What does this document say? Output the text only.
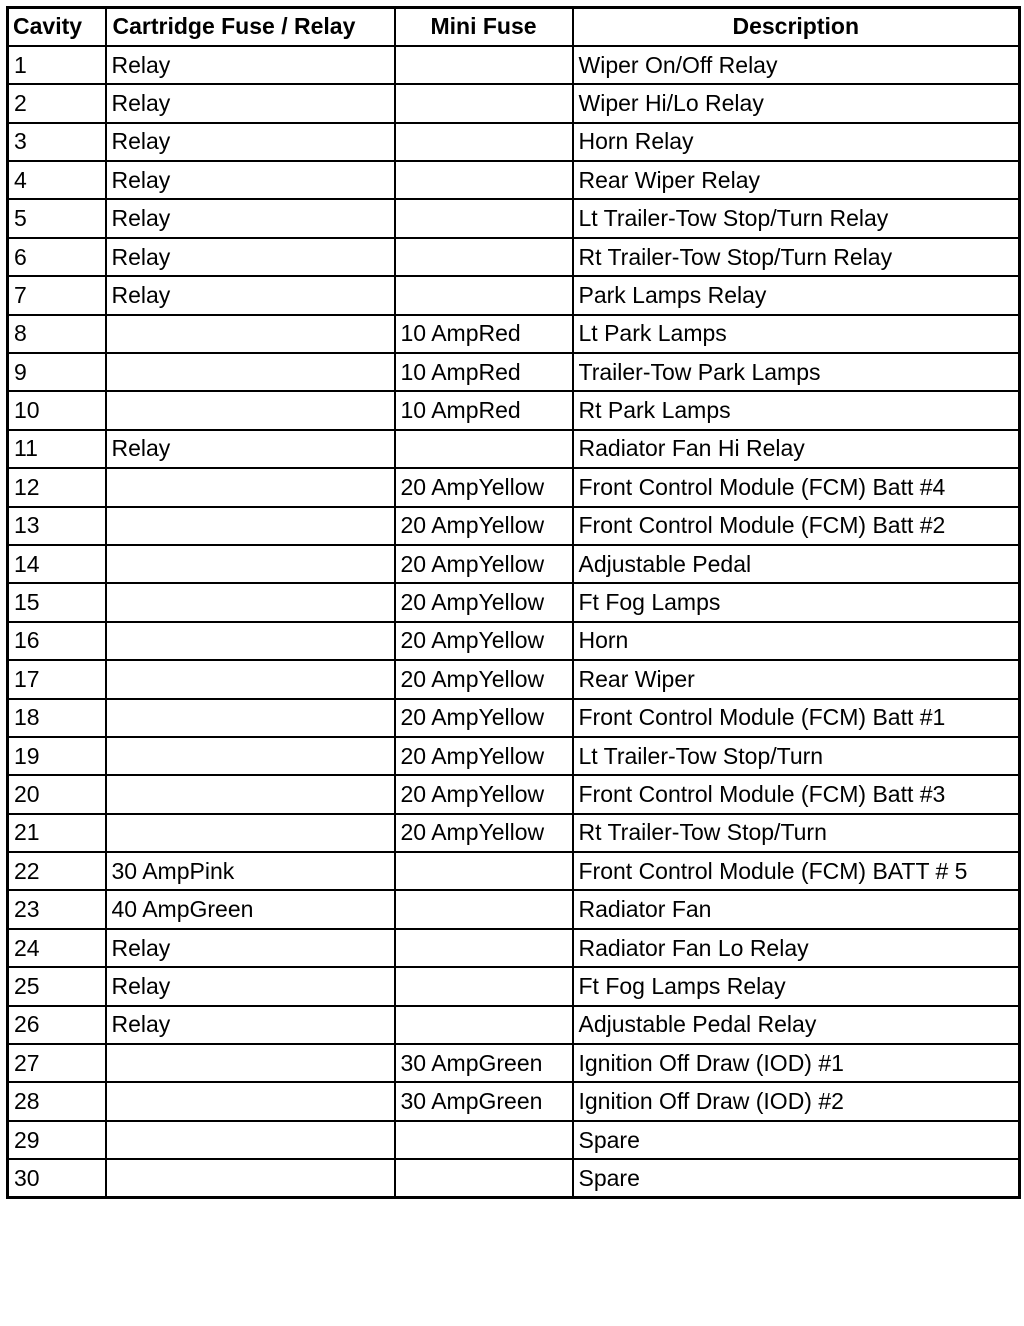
Cavity	Cartridge Fuse / Relay	Mini Fuse	Description
1	Relay		Wiper On/Off Relay
2	Relay		Wiper Hi/Lo Relay
3	Relay		Horn Relay
4	Relay		Rear Wiper Relay
5	Relay		Lt Trailer-Tow Stop/Turn Relay
6	Relay		Rt Trailer-Tow Stop/Turn Relay
7	Relay		Park Lamps Relay
8		10 AmpRed	Lt Park Lamps
9		10 AmpRed	Trailer-Tow Park Lamps
10		10 AmpRed	Rt Park Lamps
11	Relay		Radiator Fan Hi Relay
12		20 AmpYellow	Front Control Module (FCM) Batt #4
13		20 AmpYellow	Front Control Module (FCM) Batt #2
14		20 AmpYellow	Adjustable Pedal
15		20 AmpYellow	Ft Fog Lamps
16		20 AmpYellow	Horn
17		20 AmpYellow	Rear Wiper
18		20 AmpYellow	Front Control Module (FCM) Batt #1
19		20 AmpYellow	Lt Trailer-Tow Stop/Turn
20		20 AmpYellow	Front Control Module (FCM) Batt #3
21		20 AmpYellow	Rt Trailer-Tow Stop/Turn
22	30 AmpPink		Front Control Module (FCM) BATT # 5
23	40 AmpGreen		Radiator Fan
24	Relay		Radiator Fan Lo Relay
25	Relay		Ft Fog Lamps Relay
26	Relay		Adjustable Pedal Relay
27		30 AmpGreen	Ignition Off Draw (IOD) #1
28		30 AmpGreen	Ignition Off Draw (IOD) #2
29			Spare
30			Spare
